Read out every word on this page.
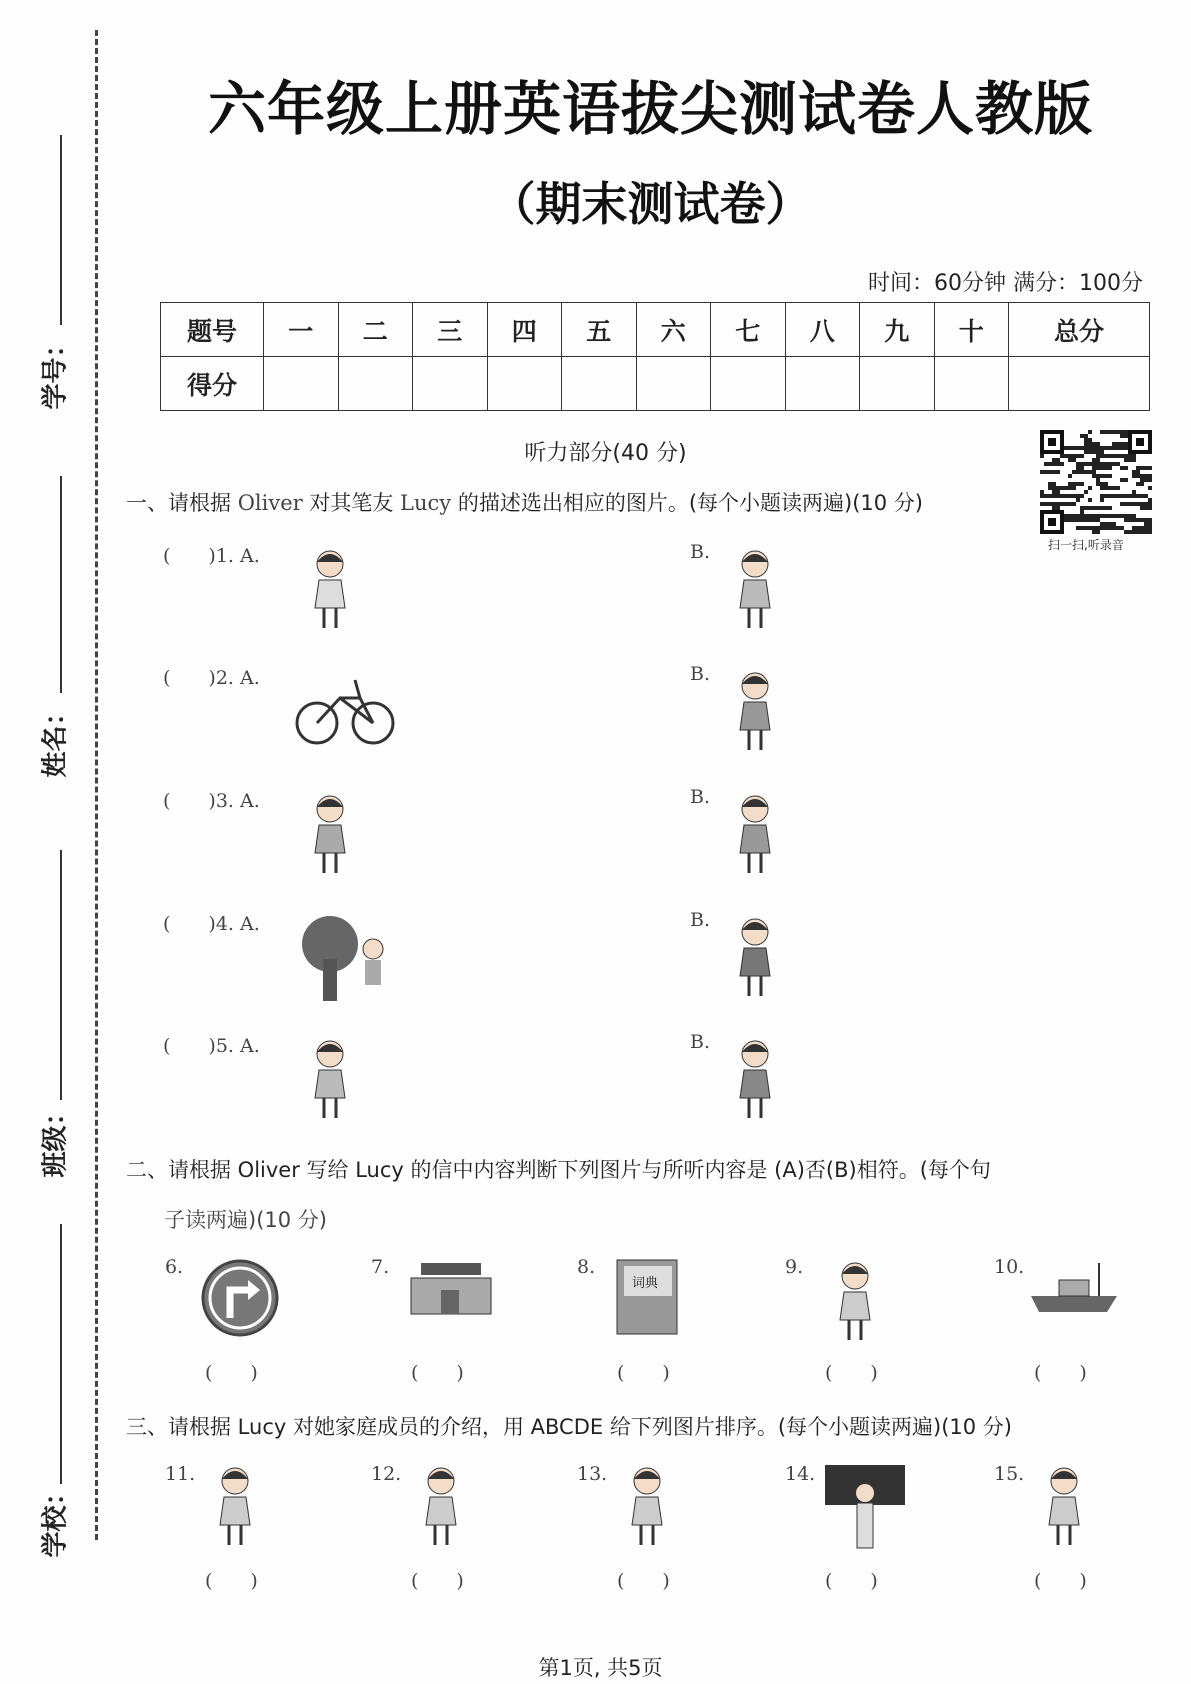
学号：
姓名：
班级：
学校：
六年级上册英语拔尖测试卷人教版
（期末测试卷）
时间：60分钟 满分：100分
题号	一	二	三	四	五	六	七	八	九	十	总分
得分											
听力部分(40 分)
扫一扫,听录音
一、请根据 Oliver 对其笔友 Lucy 的描述选出相应的图片。(每个小题读两遍)(10 分)
(　　)1. A.	B.
(　　)2. A.	B.
(　　)3. A.	B.
(　　)4. A.	B.
(　　)5. A.	B.
二、请根据 Oliver 写给 Lucy 的信中内容判断下列图片与所听内容是 (A)否(B)相符。(每个句
子读两遍)(10 分)
6.
(　　)
7.
(　　)
8.
词典
(　　)
9.
(　　)
10.
(　　)
三、请根据 Lucy 对她家庭成员的介绍，用 ABCDE 给下列图片排序。(每个小题读两遍)(10 分)
11.
(　　)
12.
(　　)
13.
(　　)
14.
(　　)
15.
(　　)
第1页, 共5页
